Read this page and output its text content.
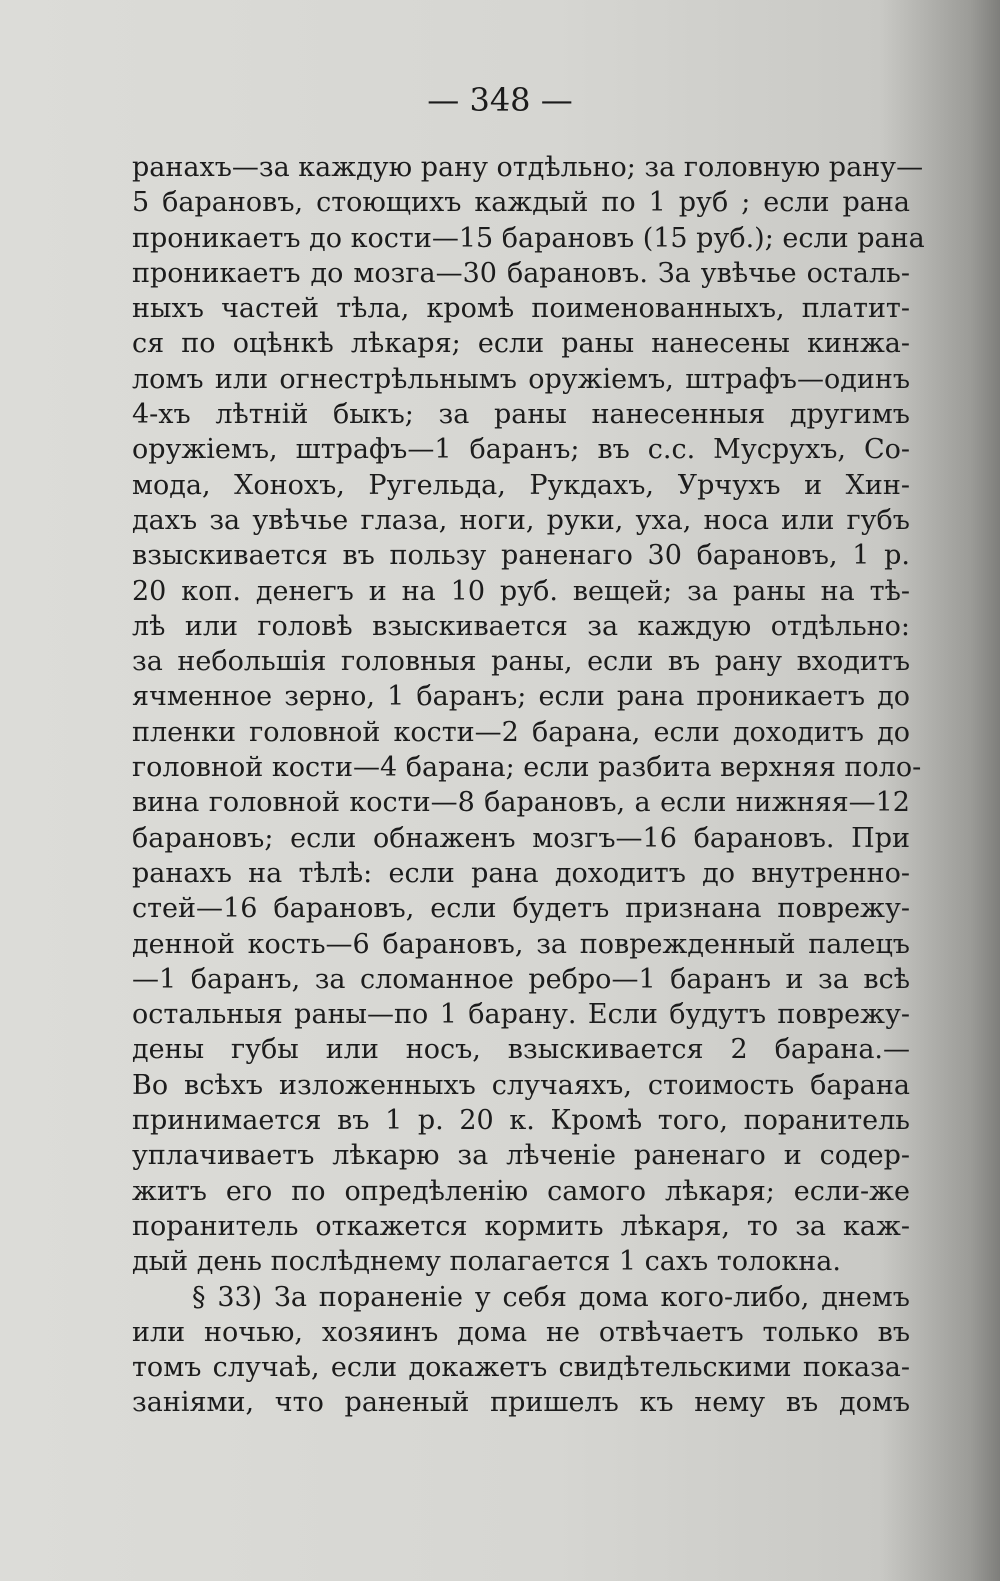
— 348 —
ранахъ—за каждую рану отдѣльно; за головную рану—
5 барановъ, стоющихъ каждый по 1 руб ; если рана
проникаетъ до кости—15 барановъ (15 руб.); если рана
проникаетъ до мозга—30 барановъ. За увѣчье осталь-
ныхъ частей тѣла, кромѣ поименованныхъ, платит-
ся по оцѣнкѣ лѣкаря; если раны нанесены кинжа-
ломъ или огнестрѣльнымъ оружіемъ, штрафъ—одинъ
4-хъ лѣтній быкъ; за раны нанесенныя другимъ
оружіемъ, штрафъ—1 баранъ; въ с.с. Мусрухъ, Со-
мода, Хонохъ, Ругельда, Рукдахъ, Урчухъ и Хин-
дахъ за увѣчье глаза, ноги, руки, уха, носа или губъ
взыскивается въ пользу раненаго 30 барановъ, 1 р.
20 коп. денегъ и на 10 руб. вещей; за раны на тѣ-
лѣ или головѣ взыскивается за каждую отдѣльно:
за небольшія головныя раны, если въ рану входитъ
ячменное зерно, 1 баранъ; если рана проникаетъ до
пленки головной кости—2 барана, если доходитъ до
головной кости—4 барана; если разбита верхняя поло-
вина головной кости—8 барановъ, а если нижняя—12
барановъ; если обнаженъ мозгъ—16 барановъ. При
ранахъ на тѣлѣ: если рана доходитъ до внутренно-
стей—16 барановъ, если будетъ признана поврежу-
денной кость—6 барановъ, за поврежденный палецъ
—1 баранъ, за сломанное ребро—1 баранъ и за всѣ
остальныя раны—по 1 барану. Если будутъ поврежу-
дены губы или носъ, взыскивается 2 барана.—
Во всѣхъ изложенныхъ случаяхъ, стоимость барана
принимается въ 1 р. 20 к. Кромѣ того, поранитель
уплачиваетъ лѣкарю за лѣченіе раненаго и содер-
житъ его по опредѣленію самого лѣкаря; если-же
поранитель откажется кормить лѣкаря, то за каж-
дый день послѣднему полагается 1 сахъ толокна.
§ 33) За пораненіе у себя дома кого-либо, днемъ
или ночью, хозяинъ дома не отвѣчаетъ только въ
томъ случаѣ, если докажетъ свидѣтельскими показа-
заніями, что раненый пришелъ къ нему въ домъ
